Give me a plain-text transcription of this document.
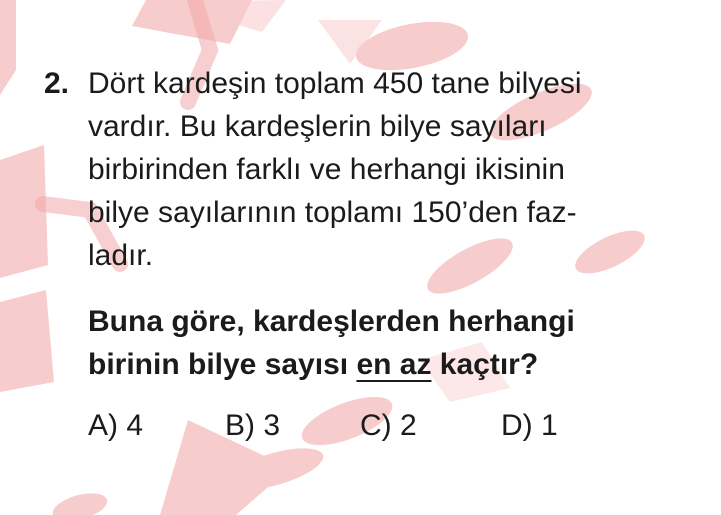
2. Dört kardeşin toplam 450 tane bilyesi
vardır. Bu kardeşlerin bilye sayıları
birbirinden farklı ve herhangi ikisinin
bilye sayılarının toplamı 150’den faz-
ladır.
Buna göre, kardeşlerden herhangi
birinin bilye sayısı en az kaçtır?
A) 4	B) 3	C) 2	D) 1
